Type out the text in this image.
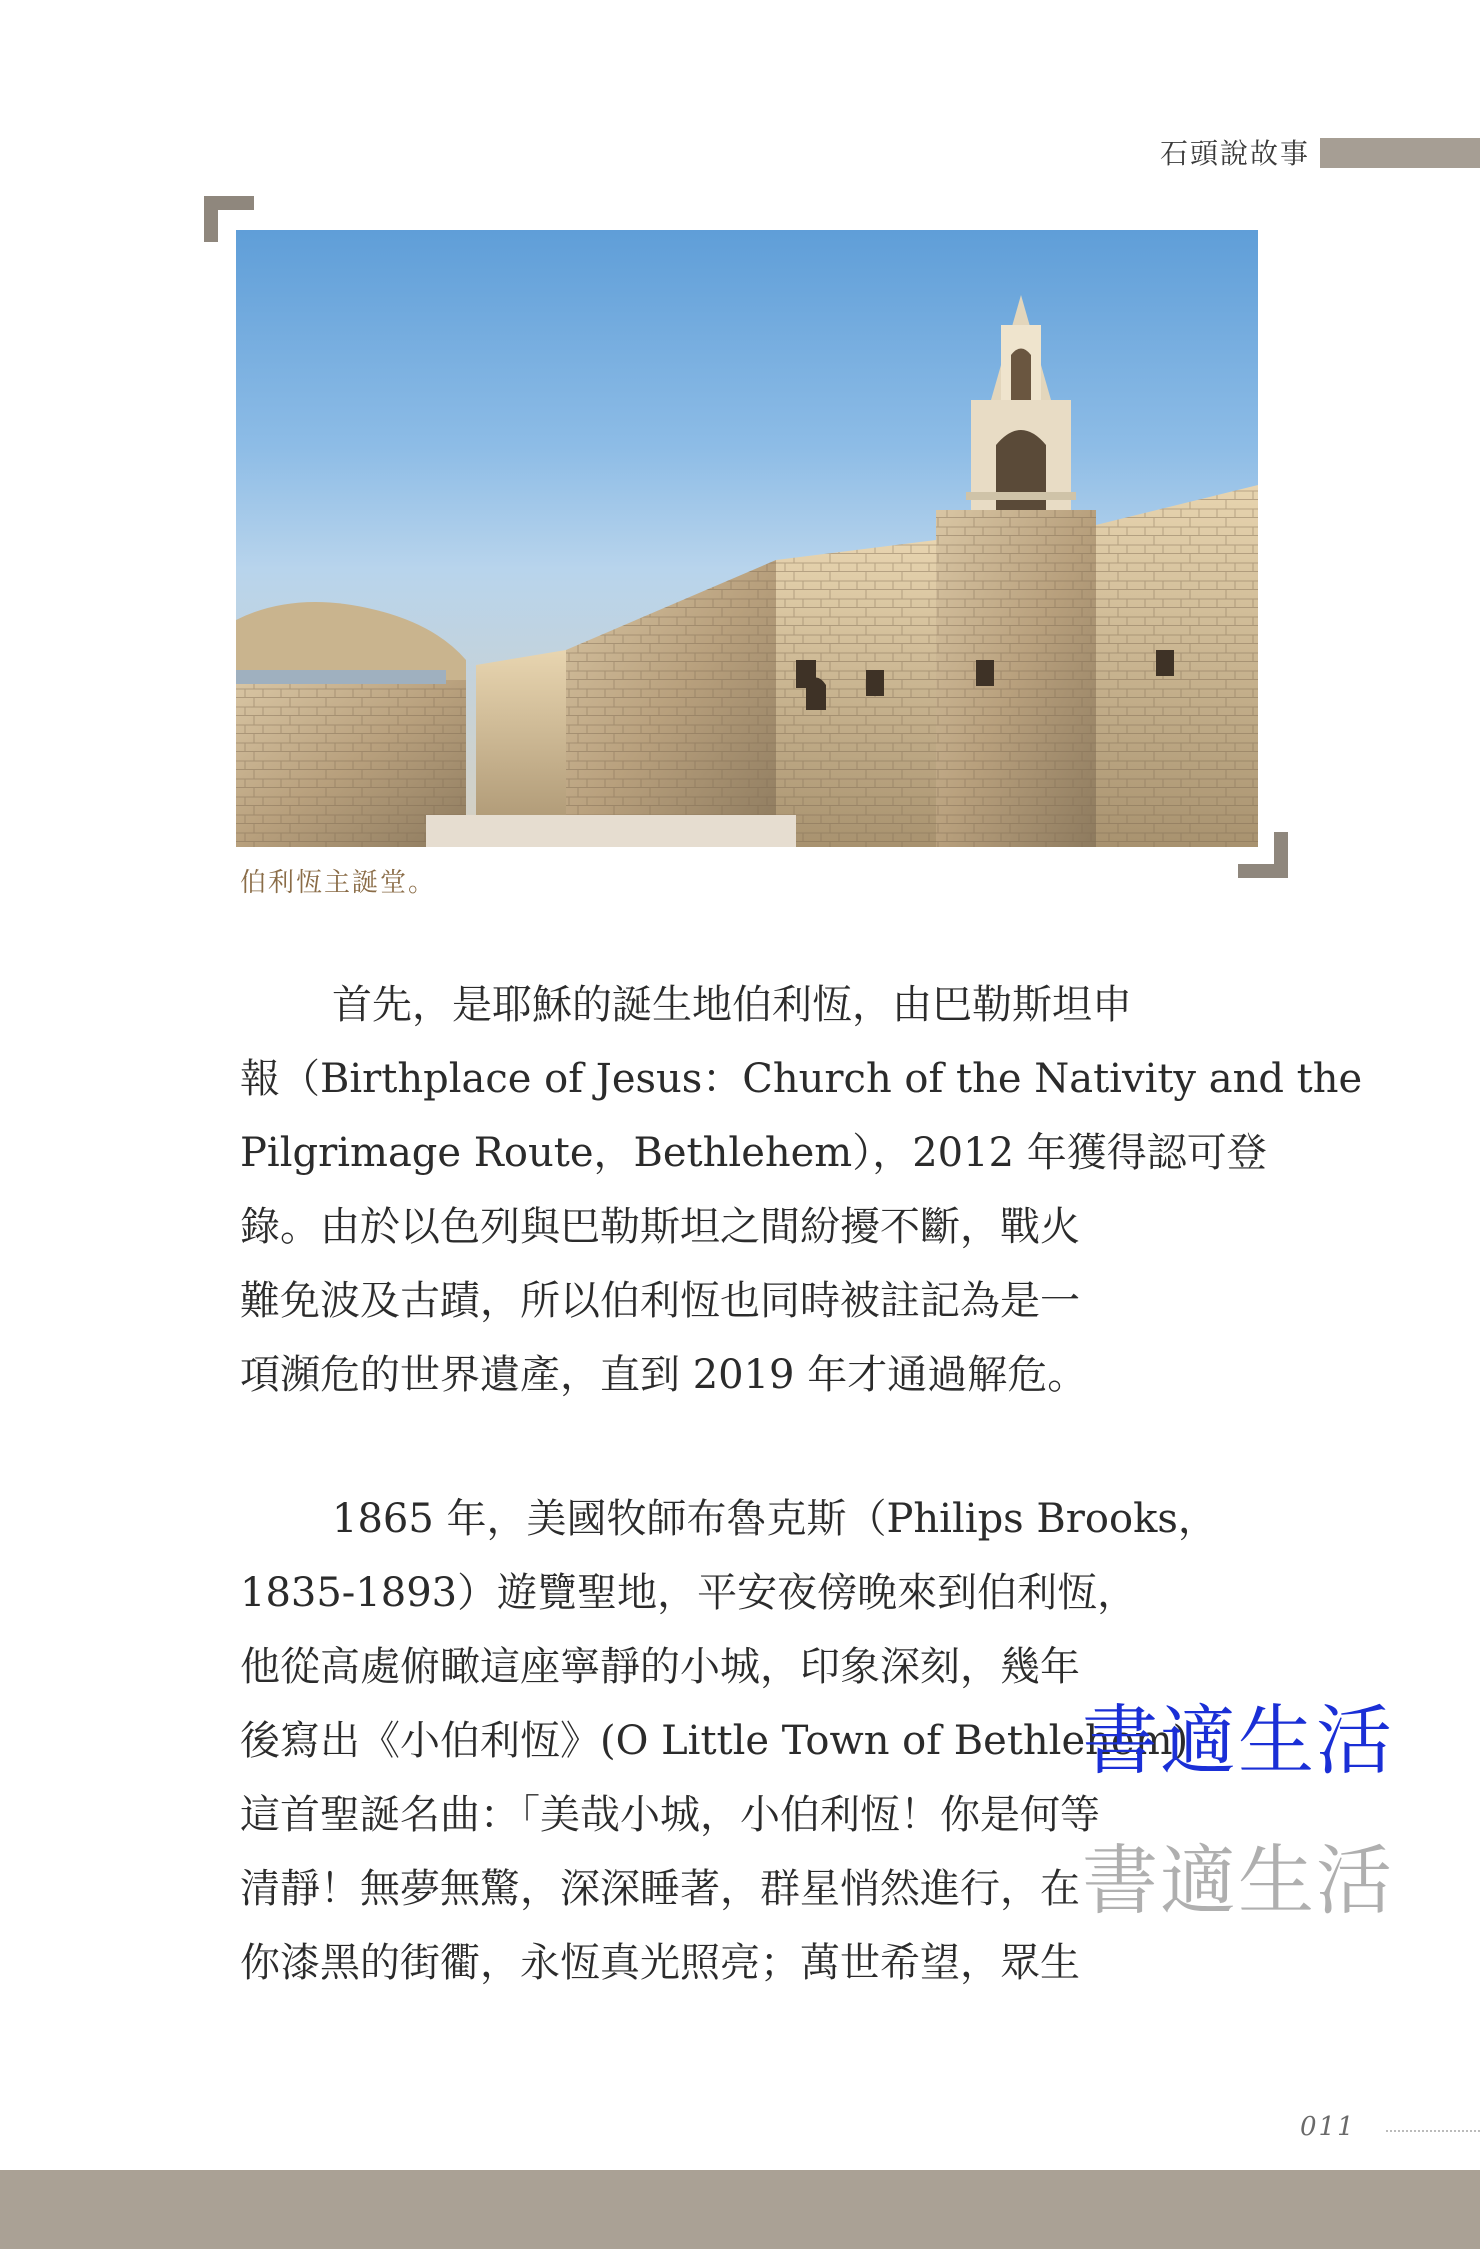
石頭說故事
伯利恆主誕堂。

首先，是耶穌的誕生地伯利恆，由巴勒斯坦申
報（Birthplace of Jesus：Church of the Nativity and the
Pilgrimage Route，Bethlehem），2012 年獲得認可登
錄。由於以色列與巴勒斯坦之間紛擾不斷，戰火
難免波及古蹟，所以伯利恆也同時被註記為是一
項瀕危的世界遺產，直到 2019 年才通過解危。

1865 年，美國牧師布魯克斯（Philips Brooks，
1835-1893）遊覽聖地，平安夜傍晚來到伯利恆，
他從高處俯瞰這座寧靜的小城，印象深刻，幾年
後寫出《小伯利恆》(O Little Town of Bethlehem)
這首聖誕名曲：「美哉小城，小伯利恆！你是何等
清靜！無夢無驚，深深睡著，群星悄然進行，在
你漆黑的街衢，永恆真光照亮；萬世希望，眾生

書適生活
書適生活
011
